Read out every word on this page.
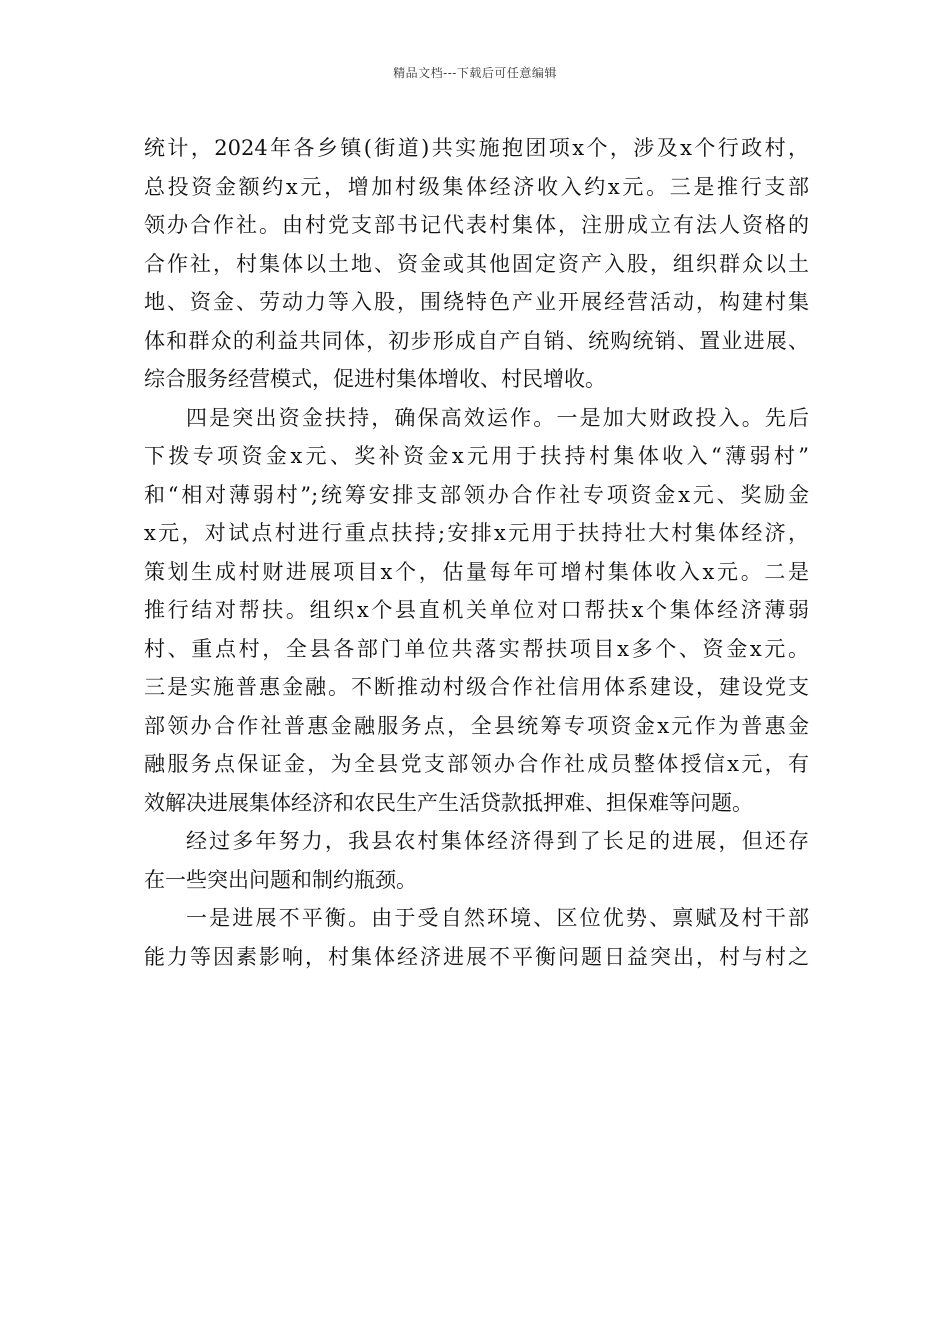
精品文档---下载后可任意编辑
统计，2024年各乡镇(街道)共实施抱团项x个，涉及x个行政村，
总投资金额约x元，增加村级集体经济收入约x元。三是推行支部
领办合作社。由村党支部书记代表村集体，注册成立有法人资格的
合作社，村集体以土地、资金或其他固定资产入股，组织群众以土
地、资金、劳动力等入股，围绕特色产业开展经营活动，构建村集
体和群众的利益共同体，初步形成自产自销、统购统销、置业进展、
综合服务经营模式，促进村集体增收、村民增收。
四是突出资金扶持，确保高效运作。一是加大财政投入。先后
下拨专项资金x元、奖补资金x元用于扶持村集体收入“薄弱村”
和“相对薄弱村”;统筹安排支部领办合作社专项资金x元、奖励金
x元，对试点村进行重点扶持;安排x元用于扶持壮大村集体经济，
策划生成村财进展项目x个，估量每年可增村集体收入x元。二是
推行结对帮扶。组织x个县直机关单位对口帮扶x个集体经济薄弱
村、重点村，全县各部门单位共落实帮扶项目x多个、资金x元。
三是实施普惠金融。不断推动村级合作社信用体系建设，建设党支
部领办合作社普惠金融服务点，全县统筹专项资金x元作为普惠金
融服务点保证金，为全县党支部领办合作社成员整体授信x元，有
效解决进展集体经济和农民生产生活贷款抵押难、担保难等问题。
经过多年努力，我县农村集体经济得到了长足的进展，但还存
在一些突出问题和制约瓶颈。
一是进展不平衡。由于受自然环境、区位优势、禀赋及村干部
能力等因素影响，村集体经济进展不平衡问题日益突出，村与村之
